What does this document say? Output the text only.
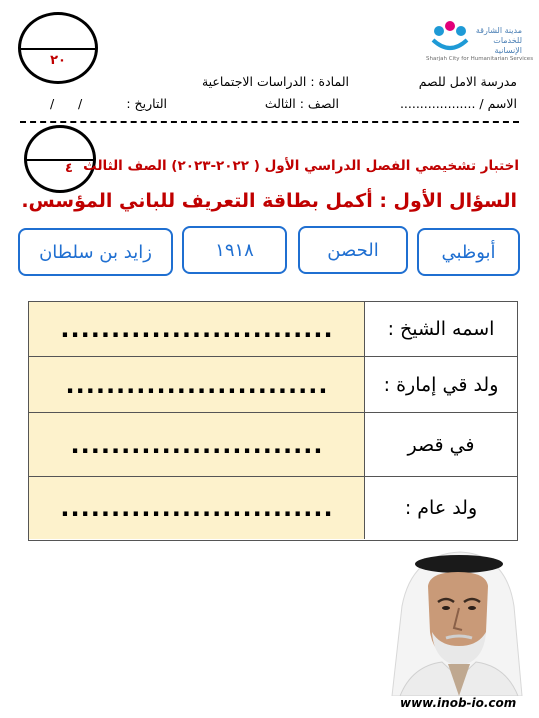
٢٠
مدينة الشارقة للخدمات الإنسانية
Sharjah City for Humanitarian Services
مدرسة الامل للصم
المادة : الدراسات الاجتماعية
الاسم / ...................
الصف : الثالث
التاريخ :
/      /
٤ اختبار تشخيصي الفصل الدراسي الأول ( ٢٠٢٢-٢٠٢٣) الصف الثالث
السؤال الأول : أكمل بطاقة التعريف للباني المؤسس.
أبوظبي
الحصن
١٩١٨
زايد بن سلطان
...........................	اسمه الشيخ :
..........................	ولد قي إمارة :
.........................	في قصر
...........................	ولد عام :
www.inob-io.com
